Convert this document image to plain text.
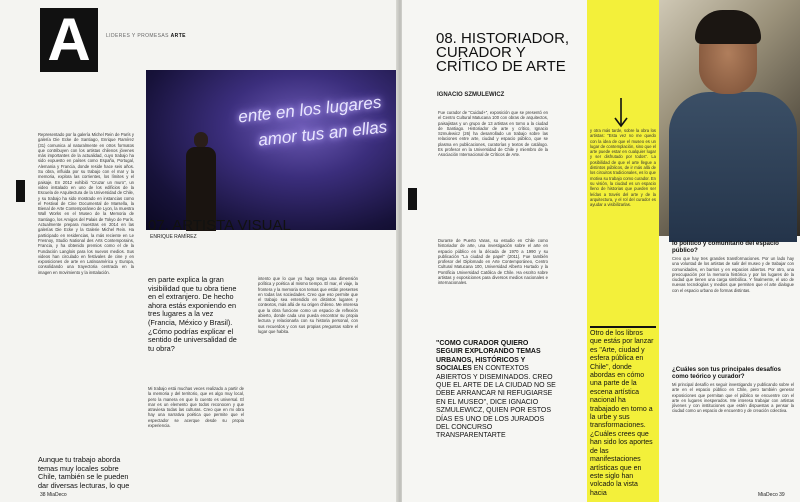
A	LIDERES Y PROMESAS ARTE
ente en los lugares
amor tus an ellas
07. ARTISTA VISUAL
ENRIQUE RAMÍREZ
Representado por la galería Michel Rein de París y galería Die Ecke de Santiago, Enrique Ramírez (31) comunica al naturalmente en otros formatos que contribuyen con los artistas chilenos jóvenes más importantes de la actualidad, cuyo trabajo ha sido expuesto en países como España, Portugal, Alemania y Francia, donde reside hace seis años. Su obra, influida por su trabajo con el mar y la memoria, explora las corrientes, los límites y el paisaje. En 2012 exhibió "Cruzar un muro", un video instalado en uno de los edificios de la Escuela de Arquitectura de la Universidad de Chile, y su trabajo ha sido mostrado en instancias como el Festival de Cine Documental de Marsella, la Bienal de Arte Contemporáneo de Lyon, la muestra Wall Works en el Museo de la Memoria de Santiago, los Amigos del Palais de Tokyo de París. Actualmente prepara muestras en 2014 en las galerías Die Ecke y la Galerie Michel Rein. Ha participado en residencias, la más reciente en Le Fresnoy, Studio National des Arts Contemporains, Francia, y ha obtenido premios como el de la Fundación Langlois para los nuevos medios. Sus videos han circulado en festivales de cine y en exposiciones de arte en Latinoamérica y Europa, consolidando una trayectoria centrada en la imagen en movimiento y la instalación.
Aunque tu trabajo aborda temas muy locales sobre Chile, también se le pueden dar diversas lecturas, lo que
en parte explica la gran visibilidad que tu obra tiene en el extranjero. De hecho ahora estás exponiendo en tres lugares a la vez (Francia, México y Brasil). ¿Cómo podrías explicar el sentido de universalidad de tu obra?
Mi trabajo está muchas veces realizado a partir de la memoria y del territorio, que es algo muy local, pero la manera en que lo cuento es universal. El mar es un elemento que todos reconocen y que atraviesa todas las culturas. Creo que en mi obra hay una narrativa poética que permite que el espectador se acerque desde su propia experiencia.
intento que lo que yo hago tenga una dimensión política y poética al mismo tiempo. El mar, el viaje, la frontera y la memoria son temas que están presentes en todas las sociedades. Creo que eso permite que el trabajo sea entendido en distintos lugares y contextos, más allá de su origen chileno. Me interesa que la obra funcione como un espacio de reflexión abierto, donde cada uno pueda encontrar su propia lectura y relacionarla con su historia personal, con sus recuerdos y con sus propias preguntas sobre el lugar que habita.
38 MiaDeco
08. HISTORIADOR, CURADOR Y CRÍTICO DE ARTE
IGNACIO SZMULEWICZ
Fue curador de "Cuidad+", exposición que se presentó en el Centro Cultural Matucana 100 con obras de arquitectos, paisajistas y un grupo de 13 artistas en torno a la ciudad de Santiago. Historiador de arte y crítico, Ignacio Szmulewicz (26) ha desarrollado un trabajo sobre las relaciones entre arte, ciudad y espacio público, que se plasma en publicaciones, curatorías y textos de catálogo. Es profesor en la Universidad de Chile y miembro de la Asociación Internacional de Críticos de Arte.
Durante de Puerto Varas, su estudio en Chile como historiador de arte, una investigación sobre el arte en espacio público en la década de 1970 a 1990 y su publicación "La ciudad de papel" (2011). Fue también profesor del Diplomado en Arte Contemporáneo, Centro Cultural Matucana 100, Universidad Alberto Hurtado y la Pontificia Universidad Católica de Chile. Ha escrito sobre artistas y exposiciones para diversos medios nacionales e internacionales.
"COMO CURADOR QUIERO SEGUIR EXPLORANDO TEMAS URBANOS, HISTÓRICOS Y SOCIALES EN CONTEXTOS ABIERTOS Y DISEMINADOS. CREO QUE EL ARTE DE LA CIUDAD NO SE DEBE ARRANCAR NI REFUGIARSE EN EL MUSEO", DICE IGNACIO SZMULEWICZ, QUIEN POR ESTOS DÍAS ES UNO DE LOS JURADOS DEL CONCURSO TRANSPARENTARTE
y otra más tarde, sobre la obra los artistas: "Esta vez no me quedo con la idea de que el museo es un lugar de contemplación, sino que el arte puede estar en cualquier lugar y ser disfrutado por todos". La posibilidad de que el arte llegue a distintos públicos, de ir más allá de los circuitos tradicionales, es lo que motiva su trabajo como curador. En su visión, la ciudad es un espacio lleno de historias que pueden ser leídas a través del arte y de la arquitectura, y el rol del curador es ayudar a visibilizarlas.
Otro de los libros que estás por lanzar es "Arte, ciudad y esfera pública en Chile", donde abordas en cómo una parte de la escena artística nacional ha trabajado en torno a la urbe y sus transformaciones. ¿Cuáles crees que han sido los aportes de las manifestaciones artísticas que en este siglo han volcado la vista hacia
lo político y comunitario del espacio público?
Creo que hay tres grandes transformaciones. Por un lado hay una voluntad de los artistas de salir del museo y de trabajar con comunidades, en barrios y en espacios abiertos. Por otro, una preocupación por la memoria histórica y por los lugares de la ciudad que tienen una carga simbólica. Y finalmente, el uso de nuevas tecnologías y medios que permiten que el arte dialogue con el espacio urbano de formas distintas.
¿Cuáles son tus principales desafíos como teórico y curador?
Mi principal desafío es seguir investigando y publicando sobre el arte en el espacio público en Chile, pero también generar exposiciones que permitan que el público se encuentre con el arte en lugares inesperados. Me interesa trabajar con artistas jóvenes y con instituciones que estén dispuestas a pensar la ciudad como un espacio de encuentro y de creación colectiva.
MiaDeco 39
